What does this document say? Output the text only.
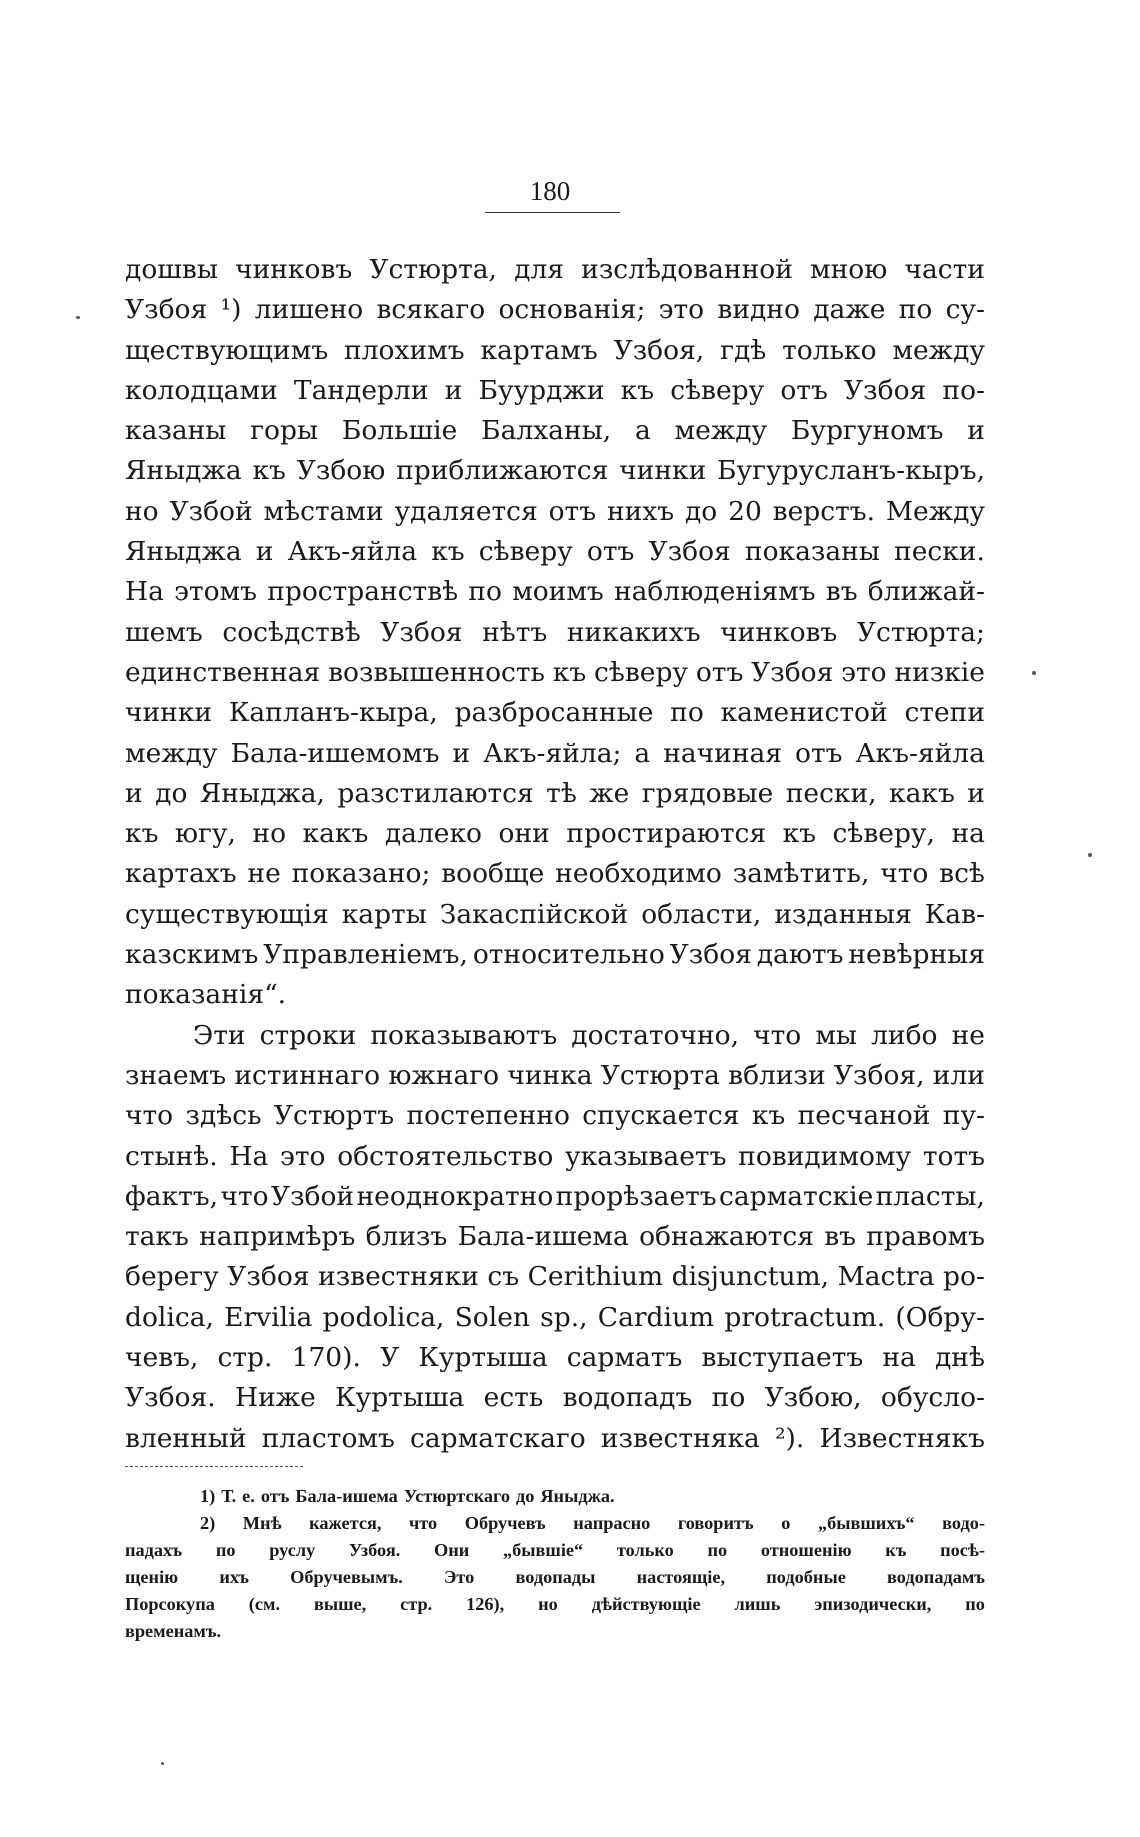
180
дошвы чинковъ Устюрта, для изслѣдованной мною части
Узбоя ¹) лишено всякаго основанія; это видно даже по су-
ществующимъ плохимъ картамъ Узбоя, гдѣ только между
колодцами Тандерли и Буурджи къ сѣверу отъ Узбоя по-
казаны горы Большіе Балханы, а между Бургуномъ и
Яныджа къ Узбою приближаются чинки Бугурусланъ-кыръ,
но Узбой мѣстами удаляется отъ нихъ до 20 верстъ. Между
Яныджа и Акъ-яйла къ сѣверу отъ Узбоя показаны пески.
На этомъ пространствѣ по моимъ наблюденіямъ въ ближай-
шемъ сосѣдствѣ Узбоя нѣтъ никакихъ чинковъ Устюрта;
единственная возвышенность къ сѣверу отъ Узбоя это низкіе
чинки Капланъ-кыра, разбросанные по каменистой степи
между Бала-ишемомъ и Акъ-яйла; а начиная отъ Акъ-яйла
и до Яныджа, разстилаются тѣ же грядовые пески, какъ и
къ югу, но какъ далеко они простираются къ сѣверу, на
картахъ не показано; вообще необходимо замѣтить, что всѣ
существующія карты Закаспійской области, изданныя Кав-
казскимъ Управленіемъ, относительно Узбоя даютъ невѣрныя
показанія“.
Эти строки показываютъ достаточно, что мы либо не
знаемъ истиннаго южнаго чинка Устюрта вблизи Узбоя, или
что здѣсь Устюртъ постепенно спускается къ песчаной пу-
стынѣ. На это обстоятельство указываетъ повидимому тотъ
фактъ, что Узбой неоднократно прорѣзаетъ сарматскіе пласты,
такъ напримѣръ близъ Бала-ишема обнажаются въ правомъ
берегу Узбоя известняки съ Cerithium disjunctum, Mactra po-
dolica, Ervilia podolica, Solen sp., Cardium protractum. (Обру-
чевъ, стр. 170). У Куртыша сарматъ выступаетъ на днѣ
Узбоя. Ниже Куртыша есть водопадъ по Узбою, обусло-
вленный пластомъ сарматскаго известняка ²). Известнякъ
1) Т. е. отъ Бала-ишема Устюртскаго до Яныджа.
2) Мнѣ кажется, что Обручевъ напрасно говоритъ о „бывшихъ“ водо-
падахъ по руслу Узбоя. Они „бывшіе“ только по отношенію къ посѣ-
щенію ихъ Обручевымъ. Это водопады настоящіе, подобные водопадамъ
Порсокупа (см. выше, стр. 126), но дѣйствующіе лишь эпизодически, по
временамъ.
